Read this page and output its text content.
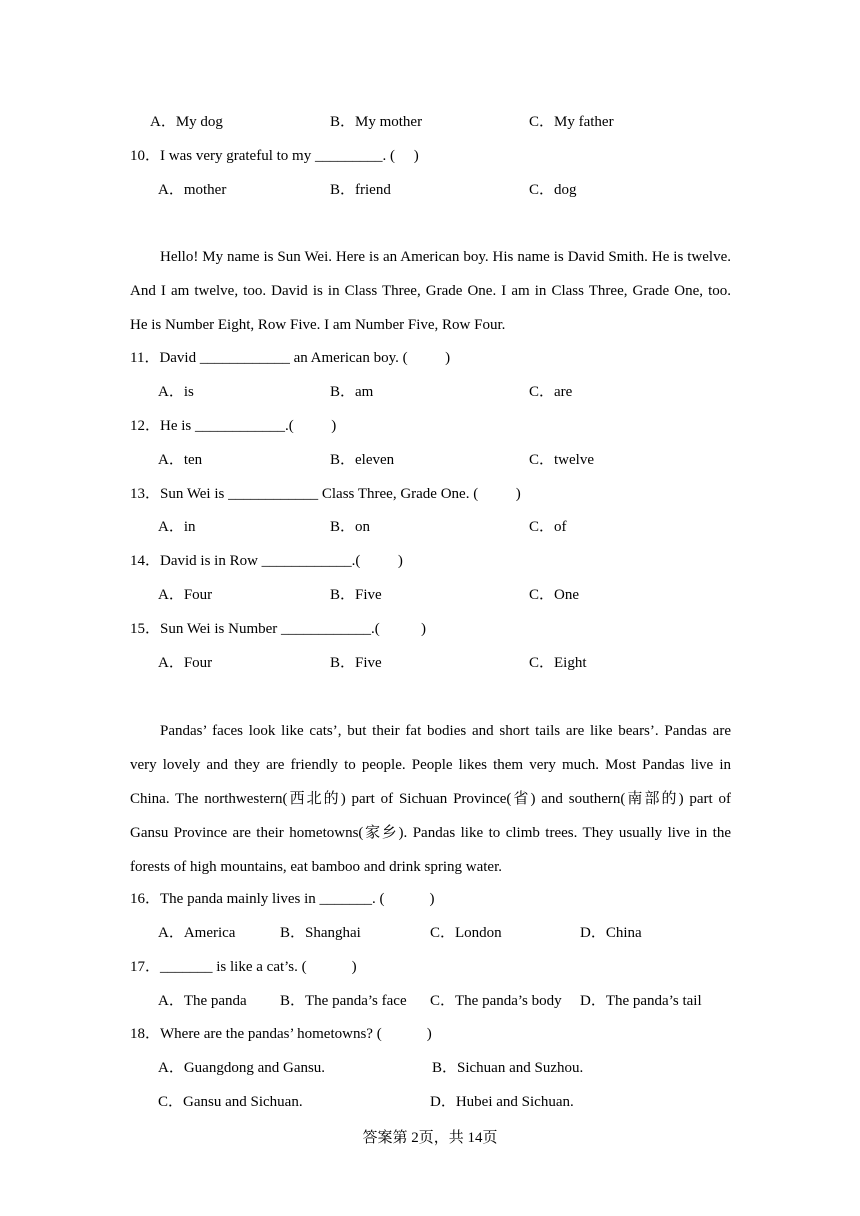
A．My dog	B．My mother	C．My father
10．I was very grateful to my _________. (     )
A．mother	B．friend	C．dog
Hello! My name is Sun Wei. Here is an American boy. His name is David Smith. He is twelve.
And I am twelve, too. David is in Class Three, Grade One. I am in Class Three, Grade One, too.
He is Number Eight, Row Five. I am Number Five, Row Four.
11．David ____________ an American boy. (          )
A．is	B．am	C．are
12．He is ____________.(          )
A．ten	B．eleven	C．twelve
13．Sun Wei is ____________ Class Three, Grade One. (          )
A．in	B．on	C．of
14．David is in Row ____________.(          )
A．Four	B．Five	C．One
15．Sun Wei is Number ____________.(           )
A．Four	B．Five	C．Eight
Pandas’ faces look like cats’, but their fat bodies and short tails are like bears’. Pandas are
very lovely and they are friendly to people. People likes them very much. Most Pandas live in
China. The northwestern(西北的) part of Sichuan Province(省) and southern(南部的) part of
Gansu Province are their hometowns(家乡). Pandas like to climb trees. They usually live in the
forests of high mountains, eat bamboo and drink spring water.
16．The panda mainly lives in _______. (            )
A．America	B．Shanghai	C．London	D．China
17．_______ is like a cat’s. (            )
A．The panda B．The panda’s face C．The panda’s body D．The panda’s tail
18．Where are the pandas’ hometowns? (            )
A．Guangdong and Gansu.	B．Sichuan and Suzhou.
C．Gansu and Sichuan.	D．Hubei and Sichuan.
答案第 2页，共 14页
